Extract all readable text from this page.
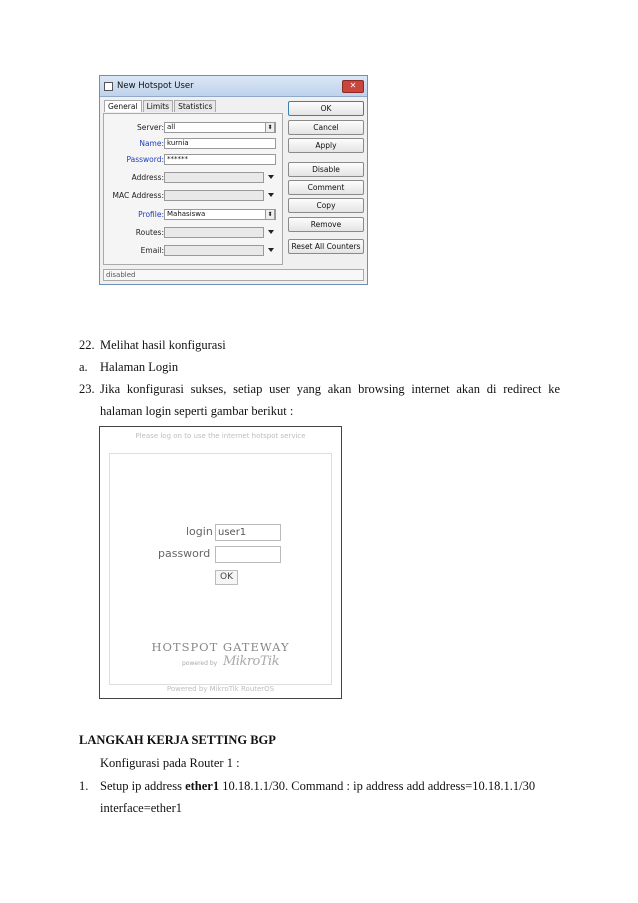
New Hotspot User	✕
General	Limits	Statistics
Server: all	⬍
Name: kurnia
Password: ******
Address:
MAC Address:
Profile: Mahasiswa	⬍
Routes:
Email:
OK
Cancel
Apply
Disable
Comment
Copy
Remove
Reset All Counters
disabled
22. Melihat hasil konfigurasi
a. Halaman Login
23. Jika konfigurasi sukses, setiap user yang akan browsing internet akan di redirect ke
halaman login seperti gambar berikut :
Please log on to use the internet hotspot service
login user1
password
OK
HOTSPOT GATEWAY
powered by MikroTik
Powered by MikroTik RouterOS
LANGKAH KERJA SETTING BGP
Konfigurasi pada Router 1 :
1. Setup ip address ether1 10.18.1.1/30. Command : ip address add address=10.18.1.1/30
interface=ether1
